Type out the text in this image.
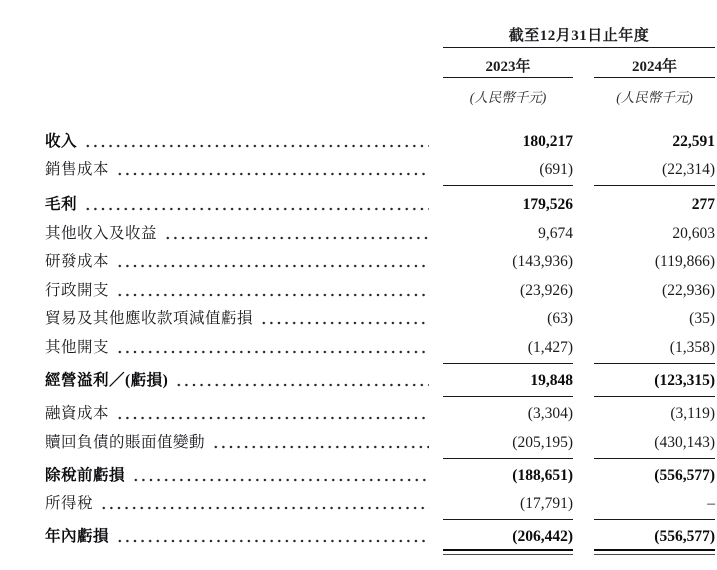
截至12月31日止年度
2023年	2024年
(人民幣千元)	(人民幣千元)
收入	180,217	22,591
銷售成本	(691)	(22,314)
毛利	179,526	277
其他收入及收益	9,674	20,603
研發成本	(143,936)	(119,866)
行政開支	(23,926)	(22,936)
貿易及其他應收款項減值虧損	(63)	(35)
其他開支	(1,427)	(1,358)
經營溢利／(虧損)	19,848	(123,315)
融資成本	(3,304)	(3,119)
贖回負債的賬面值變動	(205,195)	(430,143)
除稅前虧損	(188,651)	(556,577)
所得稅	(17,791)	–
年內虧損	(206,442)	(556,577)
